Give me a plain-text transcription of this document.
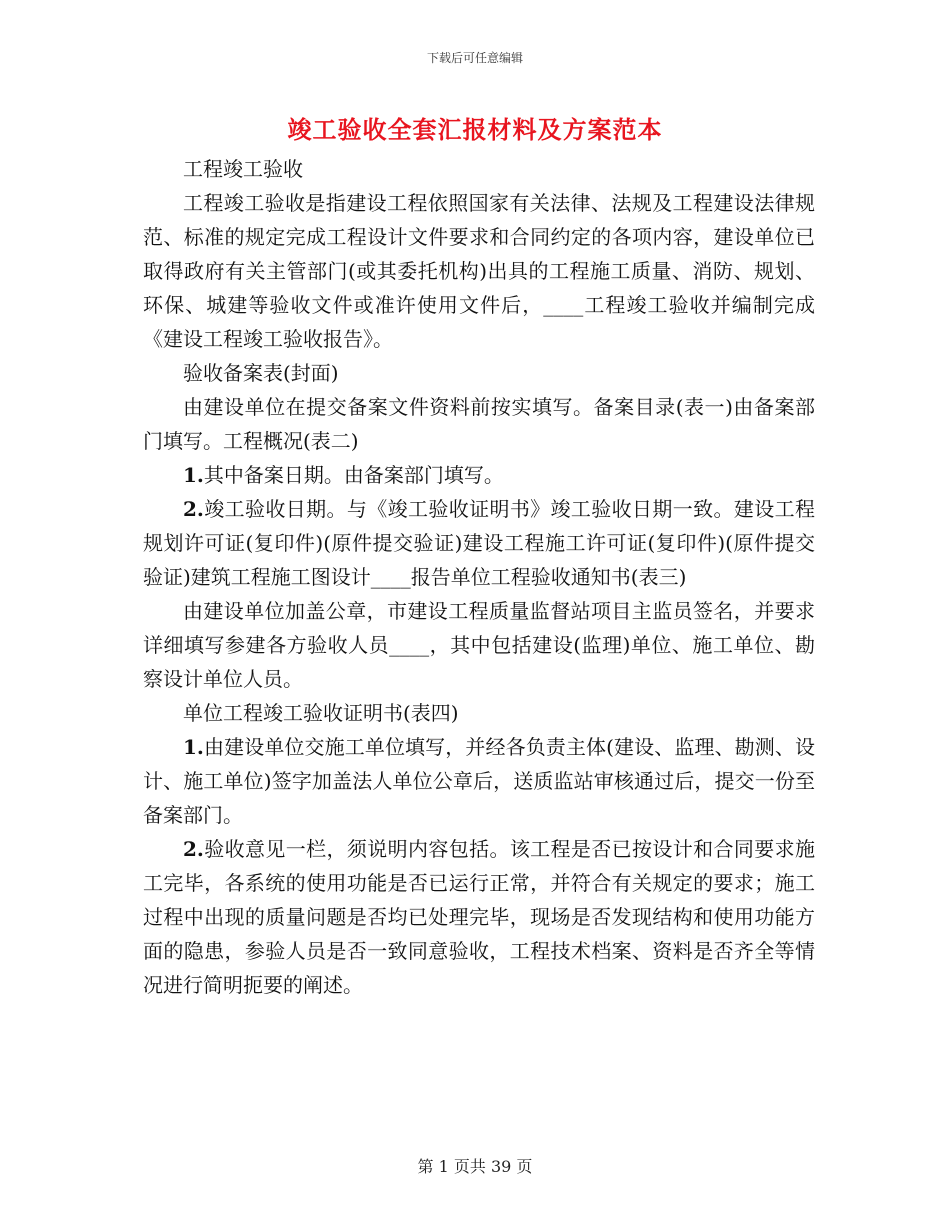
下载后可任意编辑
竣工验收全套汇报材料及方案范本

工程竣工验收

工程竣工验收是指建设工程依照国家有关法律、法规及工程建设法律规范、标准的规定完成工程设计文件要求和合同约定的各项内容，建设单位已取得政府有关主管部门(或其委托机构)出具的工程施工质量、消防、规划、环保、城建等验收文件或准许使用文件后，____工程竣工验收并编制完成《建设工程竣工验收报告》。

验收备案表(封面)

由建设单位在提交备案文件资料前按实填写。备案目录(表一)由备案部门填写。工程概况(表二)

1.其中备案日期。由备案部门填写。

2.竣工验收日期。与《竣工验收证明书》竣工验收日期一致。建设工程规划许可证(复印件)(原件提交验证)建设工程施工许可证(复印件)(原件提交验证)建筑工程施工图设计____报告单位工程验收通知书(表三)

由建设单位加盖公章，市建设工程质量监督站项目主监员签名，并要求详细填写参建各方验收人员____，其中包括建设(监理)单位、施工单位、勘察设计单位人员。

单位工程竣工验收证明书(表四)

1.由建设单位交施工单位填写，并经各负责主体(建设、监理、勘测、设计、施工单位)签字加盖法人单位公章后，送质监站审核通过后，提交一份至备案部门。

2.验收意见一栏，须说明内容包括。该工程是否已按设计和合同要求施工完毕，各系统的使用功能是否已运行正常，并符合有关规定的要求；施工过程中出现的质量问题是否均已处理完毕，现场是否发现结构和使用功能方面的隐患，参验人员是否一致同意验收，工程技术档案、资料是否齐全等情况进行简明扼要的阐述。

第 1 页共 39 页
